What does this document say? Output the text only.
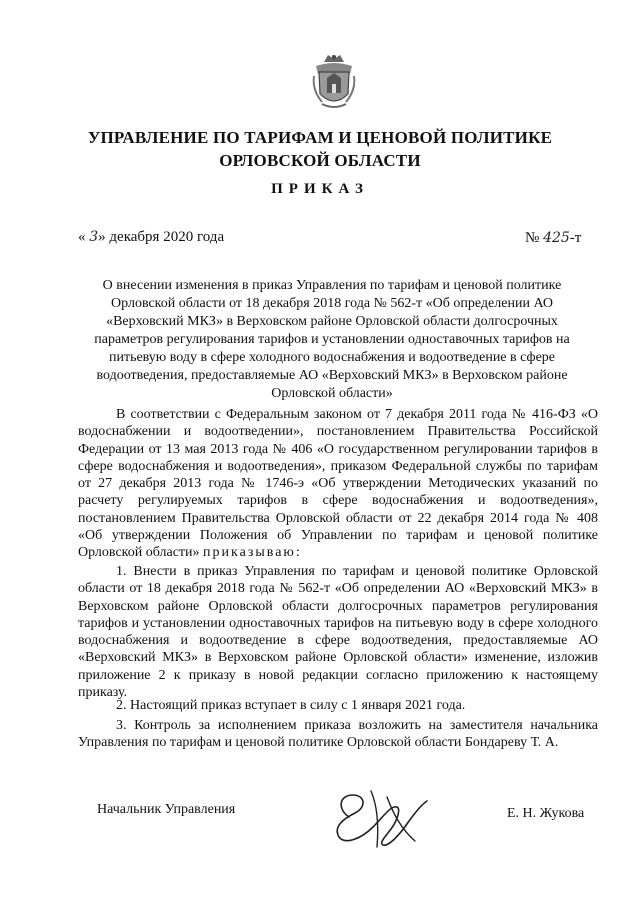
УПРАВЛЕНИЕ ПО ТАРИФАМ И ЦЕНОВОЙ ПОЛИТИКЕ
ОРЛОВСКОЙ ОБЛАСТИ
ПРИКАЗ
« 3» декабря 2020 года	№ 425-т
О внесении изменения в приказ Управления по тарифам и ценовой политике Орловской области от 18 декабря 2018 года № 562-т «Об определении АО «Верховский МКЗ» в Верховском районе Орловской области долгосрочных параметров регулирования тарифов и установлении одноставочных тарифов на питьевую воду в сфере холодного водоснабжения и водоотведение в сфере водоотведения, предоставляемые АО «Верховский МКЗ» в Верховском районе Орловской области»
В соответствии с Федеральным законом от 7 декабря 2011 года № 416-ФЗ «О водоснабжении и водоотведении», постановлением Правительства Российской Федерации от 13 мая 2013 года № 406 «О государственном регулировании тарифов в сфере водоснабжения и водоотведения», приказом Федеральной службы по тарифам от 27 декабря 2013 года № 1746-э «Об утверждении Методических указаний по расчету регулируемых тарифов в сфере водоснабжения и водоотведения», постановлением Правительства Орловской области от 22 декабря 2014 года № 408 «Об утверждении Положения об Управлении по тарифам и ценовой политике Орловской области» приказываю:
1. Внести в приказ Управления по тарифам и ценовой политике Орловской области от 18 декабря 2018 года № 562-т «Об определении АО «Верховский МКЗ» в Верховском районе Орловской области долгосрочных параметров регулирования тарифов и установлении одноставочных тарифов на питьевую воду в сфере холодного водоснабжения и водоотведение в сфере водоотведения, предоставляемые АО «Верховский МКЗ» в Верховском районе Орловской области» изменение, изложив приложение 2 к приказу в новой редакции согласно приложению к настоящему приказу.
2. Настоящий приказ вступает в силу с 1 января 2021 года.
3. Контроль за исполнением приказа возложить на заместителя начальника Управления по тарифам и ценовой политике Орловской области Бондареву Т. А.
Начальник Управления	Е. Н. Жукова
